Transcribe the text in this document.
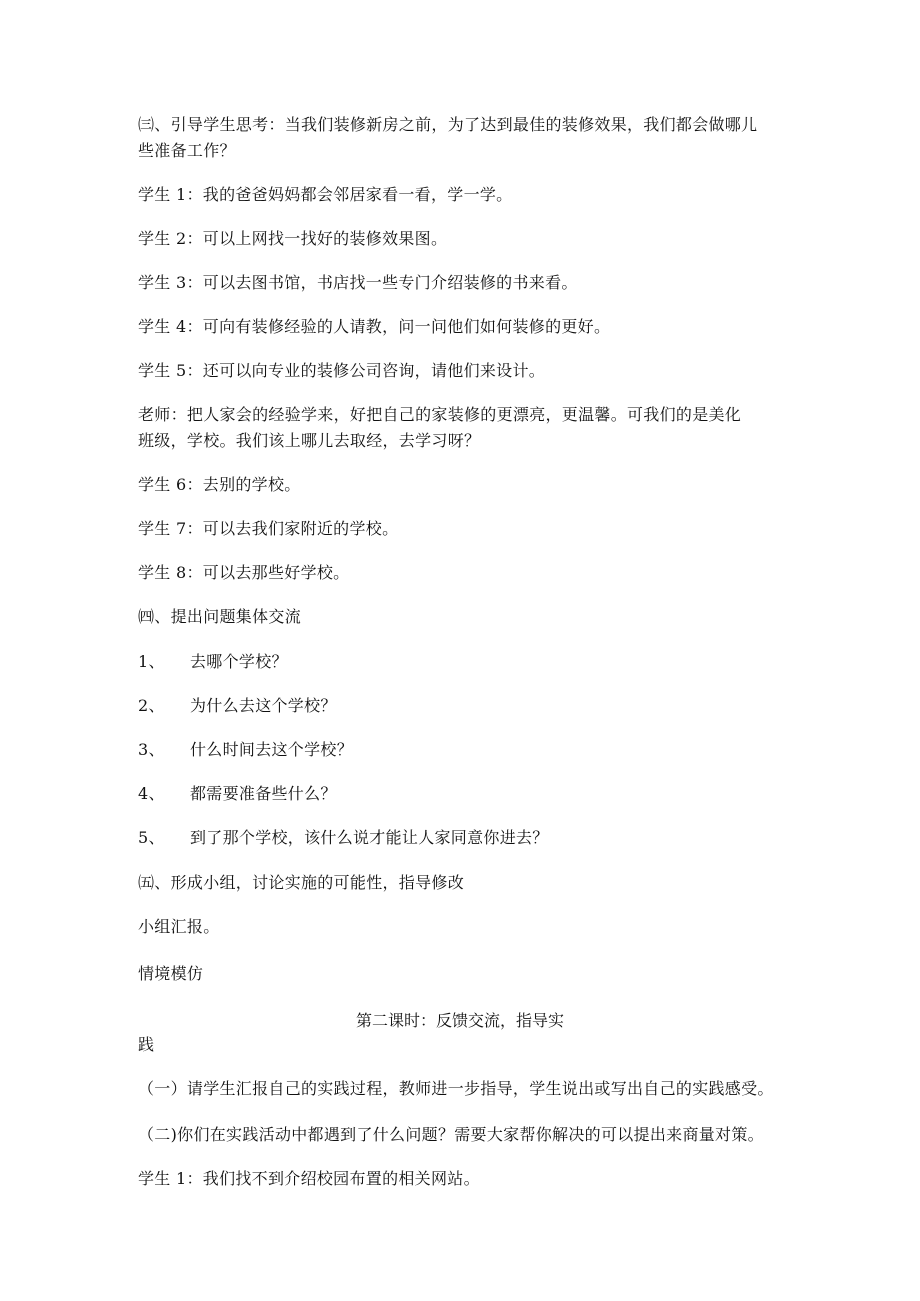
㈢、引导学生思考：当我们装修新房之前，为了达到最佳的装修效果，我们都会做哪儿
些准备工作？
学生 1：我的爸爸妈妈都会邻居家看一看，学一学。
学生 2：可以上网找一找好的装修效果图。
学生 3：可以去图书馆，书店找一些专门介绍装修的书来看。
学生 4：可向有装修经验的人请教，问一问他们如何装修的更好。
学生 5：还可以向专业的装修公司咨询，请他们来设计。
老师：把人家会的经验学来，好把自己的家装修的更漂亮，更温馨。可我们的是美化
班级，学校。我们该上哪儿去取经，去学习呀？
学生 6：去别的学校。
学生 7：可以去我们家附近的学校。
学生 8：可以去那些好学校。
㈣、提出问题集体交流
1、 去哪个学校？
2、 为什么去这个学校？
3、 什么时间去这个学校？
4、 都需要准备些什么？
5、 到了那个学校，该什么说才能让人家同意你进去？
㈤、形成小组，讨论实施的可能性，指导修改
小组汇报。
情境模仿
第二课时：反馈交流，指导实
践
（一）请学生汇报自己的实践过程，教师进一步指导，学生说出或写出自己的实践感受。
（二)你们在实践活动中都遇到了什么问题？需要大家帮你解决的可以提出来商量对策。
学生 1：我们找不到介绍校园布置的相关网站。
